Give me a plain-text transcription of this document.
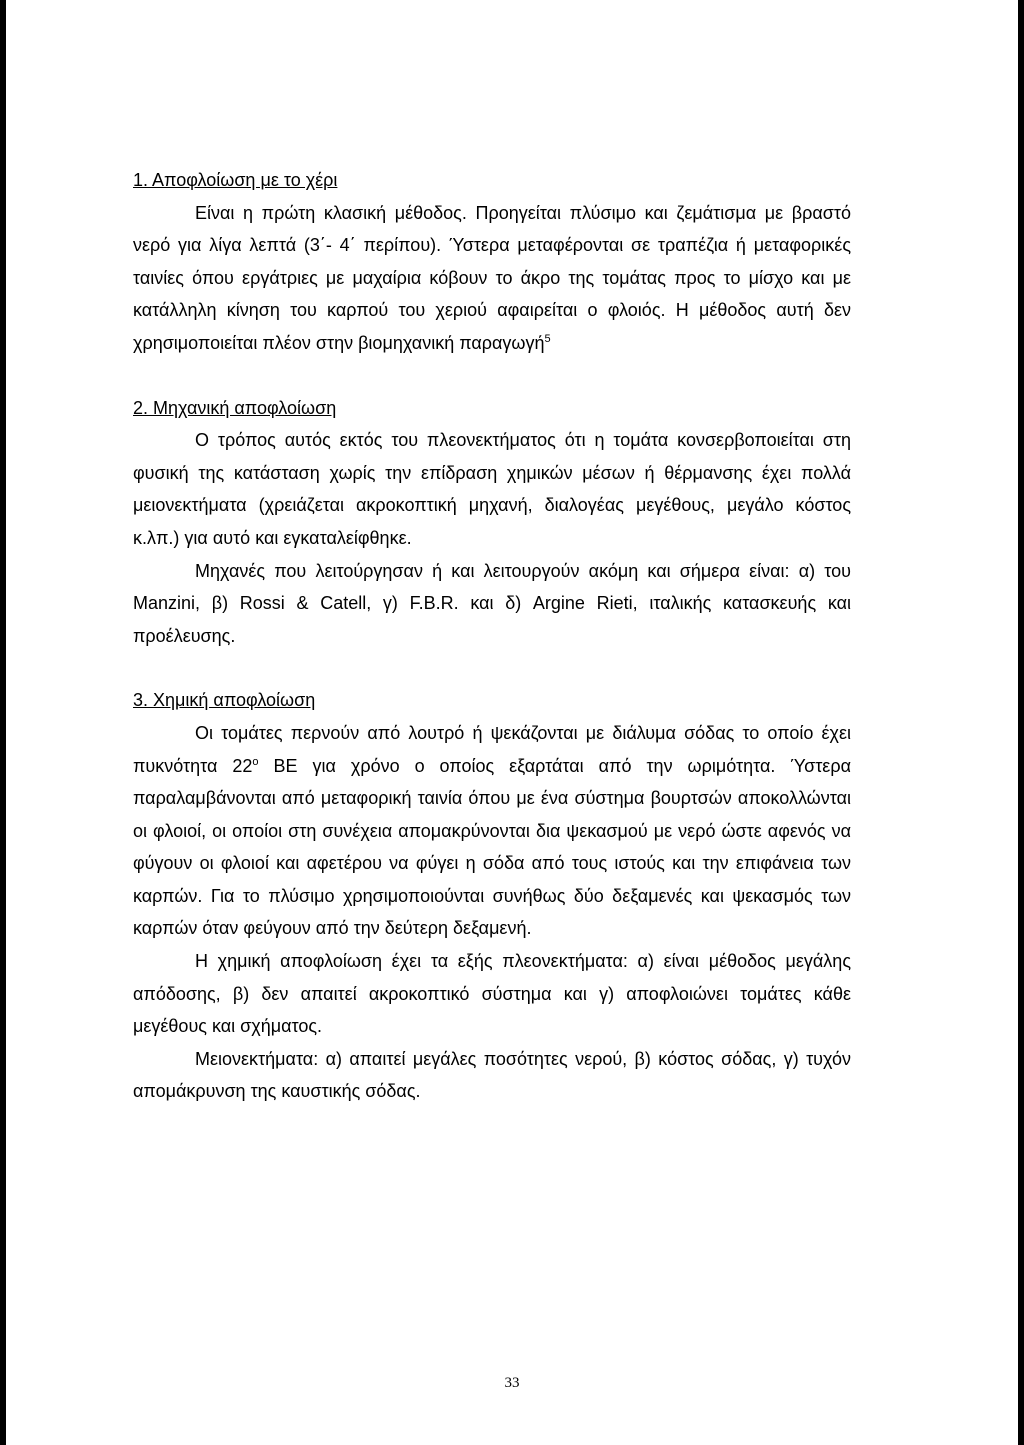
1. Αποφλοίωση με το χέρι

Είναι η πρώτη κλασική μέθοδος. Προηγείται πλύσιμο και ζεμάτισμα με βραστό νερό για λίγα λεπτά (3΄- 4΄ περίπου). Ύστερα μεταφέρονται σε τραπέζια ή μεταφορικές ταινίες όπου εργάτριες με μαχαίρια κόβουν το άκρο της τομάτας προς το μίσχο και με κατάλληλη κίνηση του καρπού του χεριού αφαιρείται ο φλοιός. Η μέθοδος αυτή δεν χρησιμοποιείται πλέον στην βιομηχανική παραγωγή$^5$

2. Μηχανική αποφλοίωση

Ο τρόπος αυτός εκτός του πλεονεκτήματος ότι η τομάτα κονσερβοποιείται στη φυσική της κατάσταση χωρίς την επίδραση χημικών μέσων ή θέρμανσης έχει πολλά μειονεκτήματα (χρειάζεται ακροκοπτική μηχανή, διαλογέας μεγέθους, μεγάλο κόστος κ.λπ.) για αυτό και εγκαταλείφθηκε.

Μηχανές που λειτούργησαν ή και λειτουργούν ακόμη και σήμερα είναι: α) του Manzini, β) Rossi & Catell, γ) F.B.R. και δ) Argine Rieti, ιταλικής κατασκευής και προέλευσης.

3. Χημική αποφλοίωση

Οι τομάτες περνούν από λουτρό ή ψεκάζονται με διάλυμα σόδας το οποίο έχει πυκνότητα $22^o$ BE για χρόνο ο οποίος εξαρτάται από την ωριμότητα. Ύστερα παραλαμβάνονται από μεταφορική ταινία όπου με ένα σύστημα βουρτσών αποκολλώνται οι φλοιοί, οι οποίοι στη συνέχεια απομακρύνονται δια ψεκασμού με νερό ώστε αφενός να φύγουν οι φλοιοί και αφετέρου να φύγει η σόδα από τους ιστούς και την επιφάνεια των καρπών. Για το πλύσιμο χρησιμοποιούνται συνήθως δύο δεξαμενές και ψεκασμός των καρπών όταν φεύγουν από την δεύτερη δεξαμενή.

Η χημική αποφλοίωση έχει τα εξής πλεονεκτήματα: α) είναι μέθοδος μεγάλης απόδοσης, β) δεν απαιτεί ακροκοπτικό σύστημα και γ) αποφλοιώνει τομάτες κάθε μεγέθους και σχήματος.

Μειονεκτήματα: α) απαιτεί μεγάλες ποσότητες νερού, β) κόστος σόδας, γ) τυχόν απομάκρυνση της καυστικής σόδας.

33
